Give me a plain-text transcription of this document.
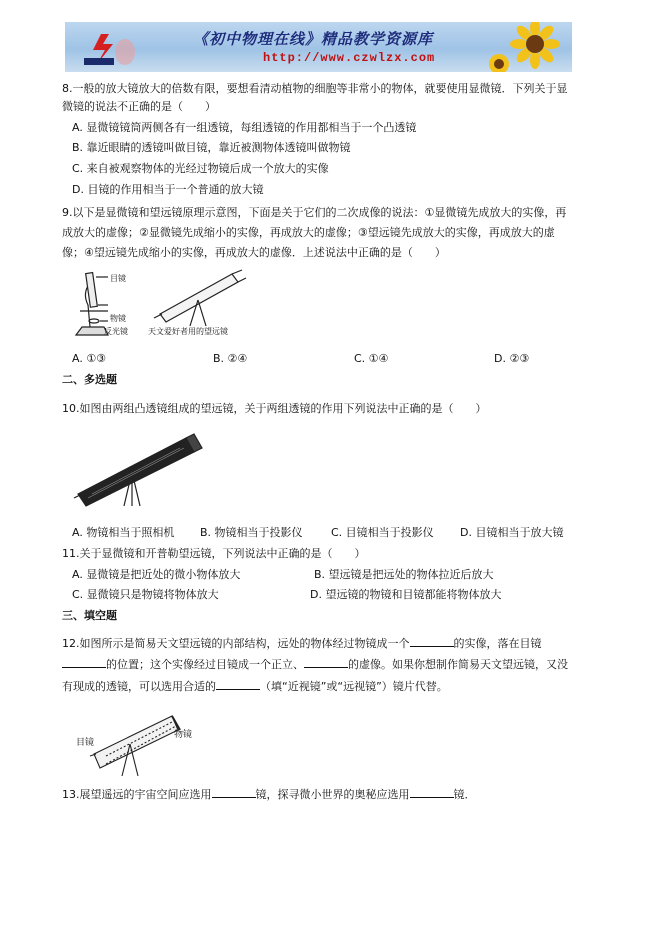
《初中物理在线》精品教学资源库
http://www.czwlzx.com
8.一般的放大镜放大的倍数有限，要想看清动植物的细胞等非常小的物体，就要使用显微镜．下列关于显
微镜的说法不正确的是（　　）
A. 显微镜镜筒两侧各有一组透镜，每组透镜的作用都相当于一个凸透镜
B. 靠近眼睛的透镜叫做目镜，靠近被测物体透镜叫做物镜
C. 来自被观察物体的光经过物镜后成一个放大的实像
D. 目镜的作用相当于一个普通的放大镜
9.以下是显微镜和望远镜原理示意图，下面是关于它们的二次成像的说法：①显微镜先成放大的实像，再
成放大的虚像；②显微镜先成缩小的实像，再成放大的虚像；③望远镜先成放大的实像，再成放大的虚
像；④望远镜先成缩小的实像，再成放大的虚像．上述说法中正确的是（　　）
目镜
物镜
反光镜	天文爱好者用的望远镜
A. ①③	B. ②④	C. ①④	D. ②③
二、多选题
10.如图由两组凸透镜组成的望远镜，关于两组透镜的作用下列说法中正确的是（　　）
A. 物镜相当于照相机 B. 物镜相当于投影仪	C. 目镜相当于投影仪 D. 目镜相当于放大镜
11.关于显微镜和开普勒望远镜，下列说法中正确的是（　　）
A. 显微镜是把近处的微小物体放大	B. 望远镜是把远处的物体拉近后放大
C. 显微镜只是物镜将物体放大	D. 望远镜的物镜和目镜都能将物体放大
三、填空题
12.如图所示是简易天文望远镜的内部结构，远处的物体经过物镜成一个	的实像，落在目镜
的位置；这个实像经过目镜成一个正立、	的虚像。如果你想制作简易天文望远镜，又没
有现成的透镜，可以选用合适的	（填“近视镜”或“远视镜”）镜片代替。
目镜
物镜
13.展望遥远的宇宙空间应选用	镜，探寻微小世界的奥秘应选用	镜．
